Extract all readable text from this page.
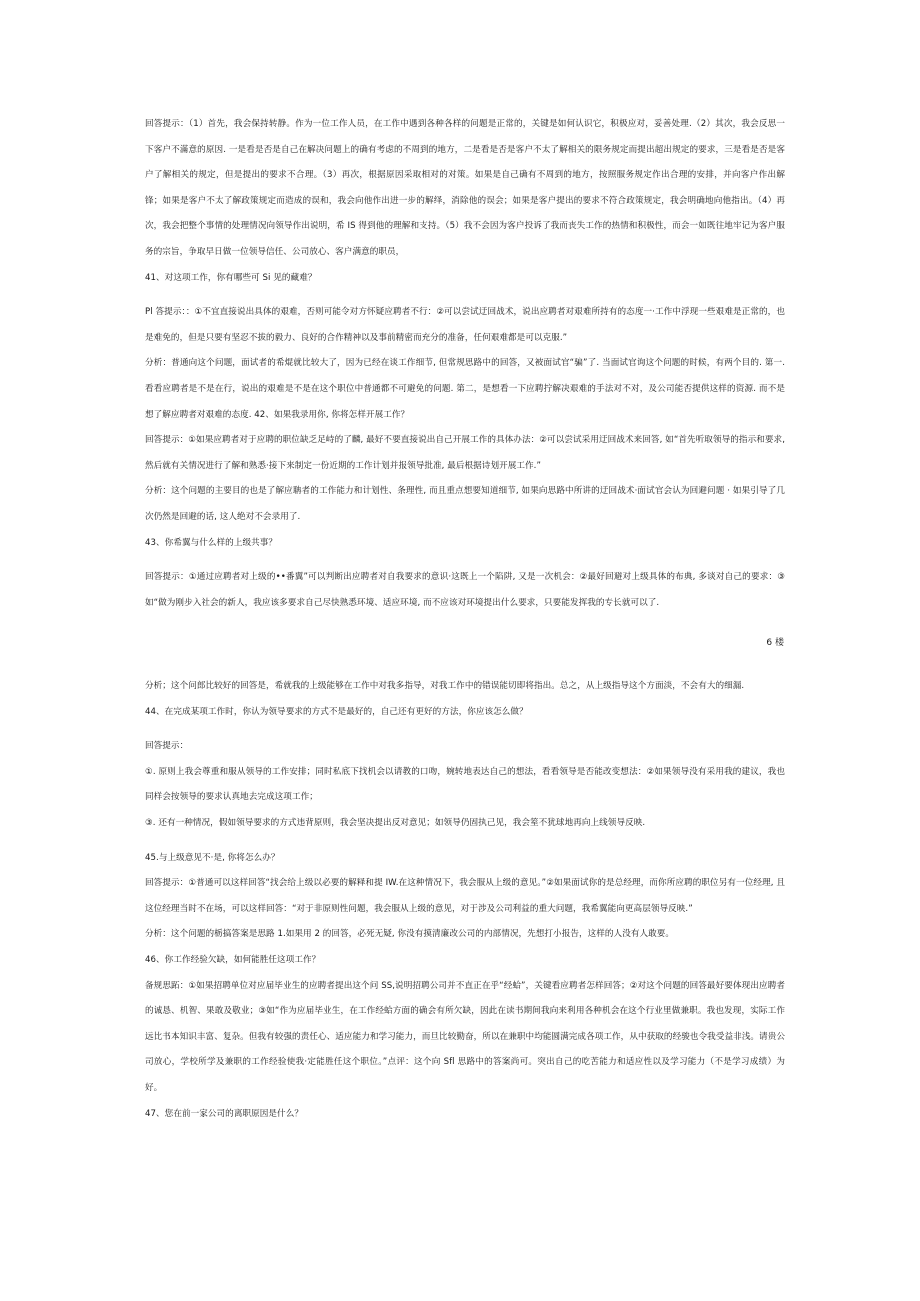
回答提示：（1）首先，我会保持转静。作为一位工作人员，在工作中遇到各种各样的问题是正常的，关键是如何认识它，积极应对，妥善处理.（2）其次，我会反思一下客户不滿意的原因. 一是看是否是自己在解决问题上的确有考虑的不周到的地方，二是看是否是客户不太了解相关的限务规定而提出超出规定的要求，三是看是否是客户了解相关的规定，但是提出的要求不合理。（3）再次，根据原因采取相对的对策。如果是自己确有不周到的地方，按照服务规定作出合理的安排，并向客户作出解锋；如果是客户不太了解政策规定而造成的误和，我会向他作出进一步的解绎，消除他的误会；如果是客户提出的要求不符合政策规定，我会明确地向他指出。（4）再次，我会把整个事情的处理情况向领导作出说明，希 IS 得到他的理解和支持。（5）我不会因为客户投诉了我而丧失工作的热情和积极性，而会一如既往地牢记为客户服务的宗旨，争取早日做一位领导信任、公司放心、客户满意的职员，

41、对这项工作，你有哪些可 Si 见的藏难？

Pl 答提示：：①不宜直接说出具体的艰难，否则可能令对方怀疑应聘者不行：②可以尝试迂回战术，说出应聘者对艰难所持有的态度一·工作中浮现一些艰难是正常的，也是难免的，但是只要有坚忍不拔的毅力、良好的合作精神以及事前精密而充分的准备，任何艰难都是可以克服.”

分析：普通向这个问题，面试者的希焜就比较大了，因为已经在谈工作细节, 但常规思路中的回答，又被面试官“骗”了. 当面试官询这个问题的时候，有两个目的. 第一. 看看应聘者是不是在行，说出的艰难是不是在这个职位中普通都不可避免的问题. 第二，是想看一下应聘拧解决艰难的手法对不对，及公司能否提供这样的资源. 而不是想了解应聘者对艰难的态度. 42、如果我录用你, 你将怎样开展工作？

回答提示：①如果应聘者对于应聘的职位缺乏足峙的了麟, 最好不要直接说出自己开展工作的具体办法：②可以尝试采用迂回战术来回答, 如“首先听取领导的指示和要求, 然后就有关情况进行了解和熟悉·接下来制定一份近期的工作计划并报领导批准, 最后根据诗划开展工作.”

分析：这个问题的主要目的也是了解应聃者的工作能力和计划性、条理性, 而且重点想要知道细节, 如果向思路中所讲的迂回战术·面试官会认为回避问题 · 如果引导了几次仍然是回避的话, 这人绝对不会录用了.

43、你希翼与什么样的上级共事？

回答提示：①通过应聘者对上级的••番翼”可以判断出应聘者对自我要求的意识·这既上一个陷阱, 又是一次机会：②最好回避对上级具体的布典, 多谈对自己的要求：③如“做为刚步入社会的新人，我应该多要求自己尽快熟悉环境、适应环境, 而不应该对环境提出什么要求，只要能发挥我的专长就可以了.

6 楼

分析；这个问郎比较好的回答是，希就我的上级能够在工作中对我多指导，对我工作中的错误能切即将指出。总之，从上级指导这个方面淡，不会有大的细漏.

44、在完成某项工作时，你认为领导要求的方式不是最好的，自己还有更好的方法，你应该怎么做？

回答提示：

①. 原则上我会尊重和服从领导的工作安排；同时私底下找机会以请教的口吻，婉转地表达自己的想法，看看领导是否能改变想法：②如果领导没有采用我的建议，我也同样会按领导的要求认真地去完成这项工作；

③. 还有一种情况，假如领导要求的方式违背原则，我会坚决提出反对意见；如领导仍固执己见，我会䇪不犹球地再向上线领导反映.

45.与上级意见不·是, 你将怎么办？

回答提示：①普通可以这样回答“找会给上级以必要的解释和提 IW.在这种情况下，我会服从上级的意见。”②如果面试你的是总经理，而你所应聘的职位另有一位经理, 且这位经理当时不在场，可以这样回答：“对于非原则性问题，我会服从上级的意见，对于涉及公司利益的重大问题，我希翼能向更高层领导反映.”

分析：这个问题的栃搞答案是思路 1.如果用 2 的回答，必死无疑, 你没有摸清廉改公司的内部情况，先想打小报告，这样的人没有人敢要。

46、你工作经验欠缺，如何能胜任这项工作？

备规思跖：①如果招聘单位对应届毕业生的应聘者提出这个问 SS,说明招聘公司并不直正在乎“经蛤”，关键看应聘者怎样回答；②对这个问题的回答最好要体现出应聘者的诚恳、机智、果敢及敬业；③如“作为应届毕业生，在工作经蛤方面的确会有所欠缺，因此在读书期间我向来利用各种机会在这个行业里做兼职。我也发现，实际工作远比书本知识丰富、复杂。但我有较强的责任心、适应能力和学习能力，而旦比较勤奋，所以在兼职中均能圆满完成各项工作，从中获取的经骏也令我受益非浅。请贵公司放心，学校所学及兼职的工作经验使我·定能胜任这个职位。”点评：这个向 Sfl 思路中的答案尚可。突出自己的吃苦能力和适应性以及学习能力（不是学习成绩）为好。

47、您在前一家公司的离职原因是什么？
